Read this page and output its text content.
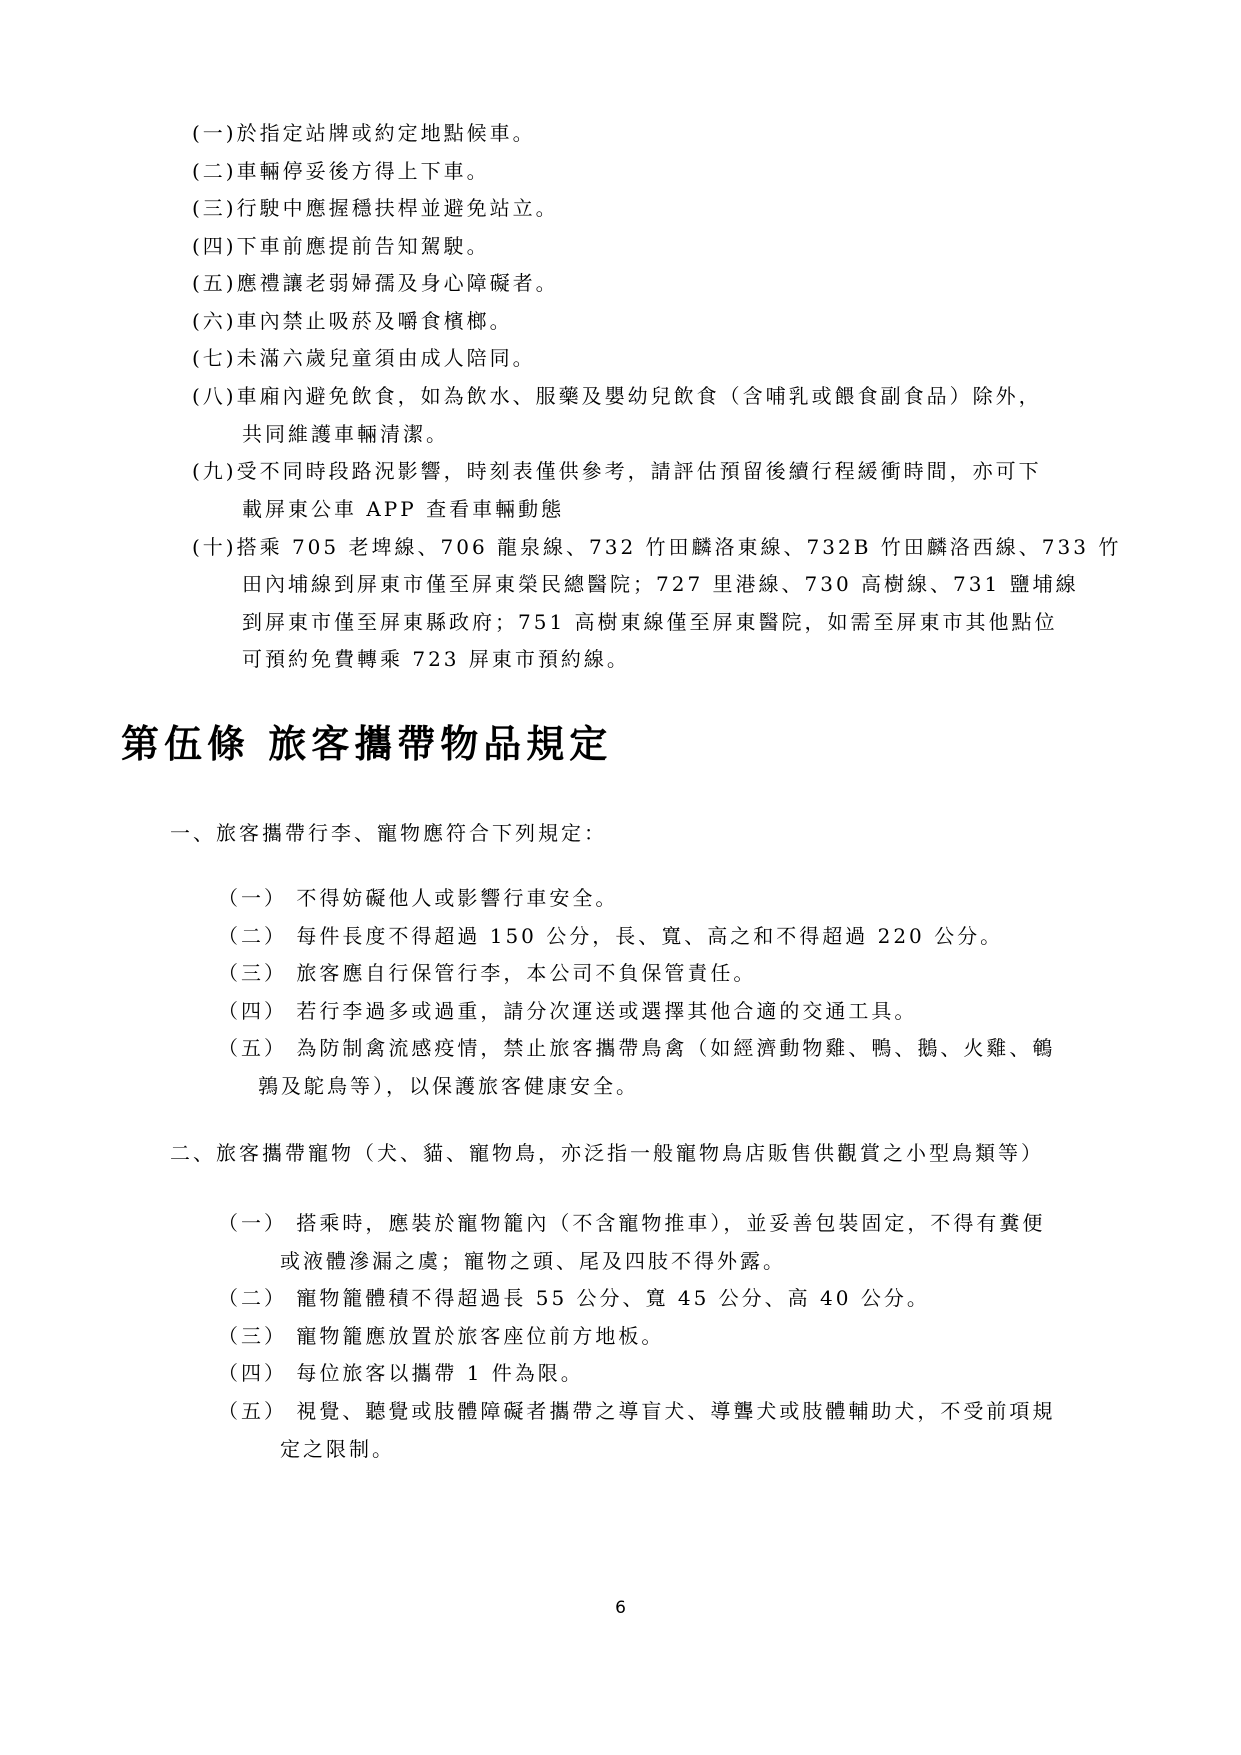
(一)於指定站牌或約定地點候車。
(二)車輛停妥後方得上下車。
(三)行駛中應握穩扶桿並避免站立。
(四)下車前應提前告知駕駛。
(五)應禮讓老弱婦孺及身心障礙者。
(六)車內禁止吸菸及嚼食檳榔。
(七)未滿六歲兒童須由成人陪同。
(八)車廂內避免飲食，如為飲水、服藥及嬰幼兒飲食（含哺乳或餵食副食品）除外，
共同維護車輛清潔。
(九)受不同時段路況影響，時刻表僅供參考，請評估預留後續行程緩衝時間，亦可下
載屏東公車 APP 查看車輛動態
(十)搭乘 705 老埤線、706 龍泉線、732 竹田麟洛東線、732B 竹田麟洛西線、733 竹
田內埔線到屏東市僅至屏東榮民總醫院；727 里港線、730 高樹線、731 鹽埔線
到屏東市僅至屏東縣政府；751 高樹東線僅至屏東醫院，如需至屏東市其他點位
可預約免費轉乘 723 屏東市預約線。
第伍條 旅客攜帶物品規定
一、旅客攜帶行李、寵物應符合下列規定：
（一） 不得妨礙他人或影響行車安全。
（二） 每件長度不得超過 150 公分，長、寬、高之和不得超過 220 公分。
（三） 旅客應自行保管行李，本公司不負保管責任。
（四） 若行李過多或過重，請分次運送或選擇其他合適的交通工具。
（五） 為防制禽流感疫情，禁止旅客攜帶鳥禽（如經濟動物雞、鴨、鵝、火雞、鵪
鶉及鴕鳥等），以保護旅客健康安全。
二、旅客攜帶寵物（犬、貓、寵物鳥，亦泛指一般寵物鳥店販售供觀賞之小型鳥類等）
（一） 搭乘時，應裝於寵物籠內（不含寵物推車），並妥善包裝固定，不得有糞便
或液體滲漏之虞；寵物之頭、尾及四肢不得外露。
（二） 寵物籠體積不得超過長 55 公分、寬 45 公分、高 40 公分。
（三） 寵物籠應放置於旅客座位前方地板。
（四） 每位旅客以攜帶 1 件為限。
（五） 視覺、聽覺或肢體障礙者攜帶之導盲犬、導聾犬或肢體輔助犬，不受前項規
定之限制。
6
